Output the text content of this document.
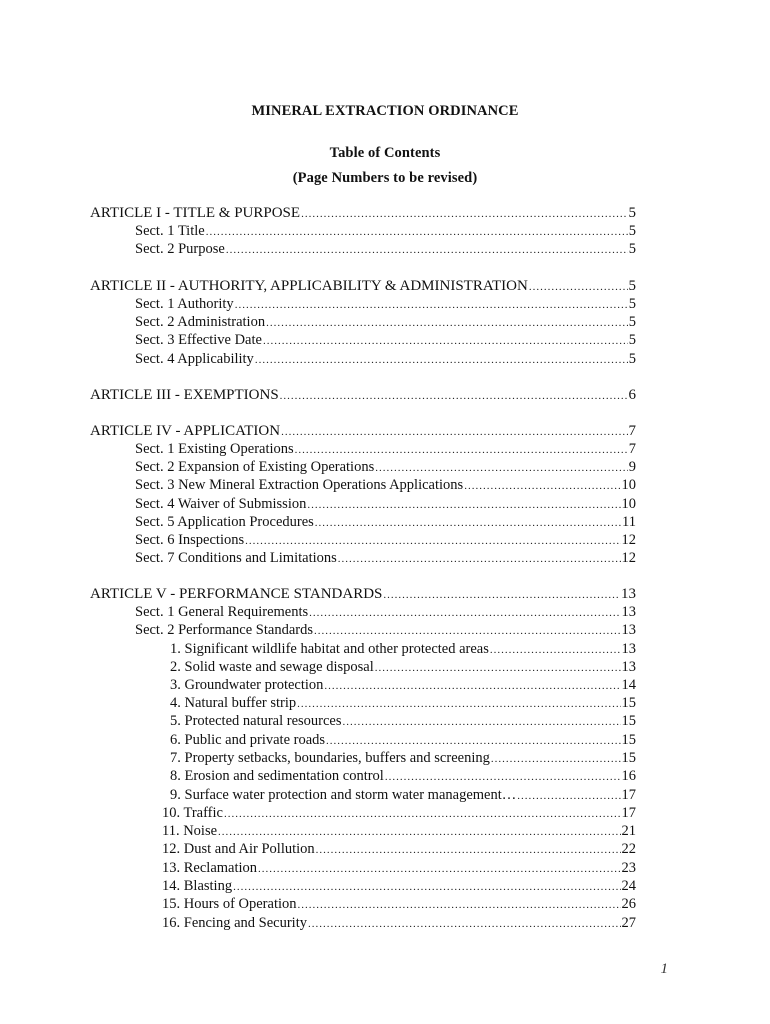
MINERAL EXTRACTION ORDINANCE
Table of Contents
(Page Numbers to be revised)
ARTICLE I - TITLE & PURPOSE .....	5
Sect. 1 Title .....	5
Sect. 2 Purpose .....	5
ARTICLE II - AUTHORITY, APPLICABILITY & ADMINISTRATION .....	5
Sect. 1 Authority .....	5
Sect. 2 Administration .....	5
Sect. 3 Effective Date .....	5
Sect. 4 Applicability .....	5
ARTICLE III - EXEMPTIONS .....	6
ARTICLE IV - APPLICATION .....	7
Sect. 1 Existing Operations .....	7
Sect. 2 Expansion of Existing Operations .....	9
Sect. 3 New Mineral Extraction Operations Applications .....	10
Sect. 4 Waiver of Submission .....	10
Sect. 5 Application Procedures .....	11
Sect. 6 Inspections .....	12
Sect. 7 Conditions and Limitations .....	12
ARTICLE V - PERFORMANCE STANDARDS .....	13
Sect. 1 General Requirements .....	13
Sect. 2 Performance Standards .....	13
1. Significant wildlife habitat and other protected areas .....	13
2. Solid waste and sewage disposal .....	13
3. Groundwater protection .....	14
4. Natural buffer strip .....	15
5. Protected natural resources .....	15
6. Public and private roads .....	15
7. Property setbacks, boundaries, buffers and screening .....	15
8. Erosion and sedimentation control .....	16
9. Surface water protection and storm water management… .....	17
10. Traffic .....	17
11. Noise .....	21
12. Dust and Air Pollution .....	22
13. Reclamation .....	23
14. Blasting .....	24
15. Hours of Operation .....	26
16. Fencing and Security .....	27
1
